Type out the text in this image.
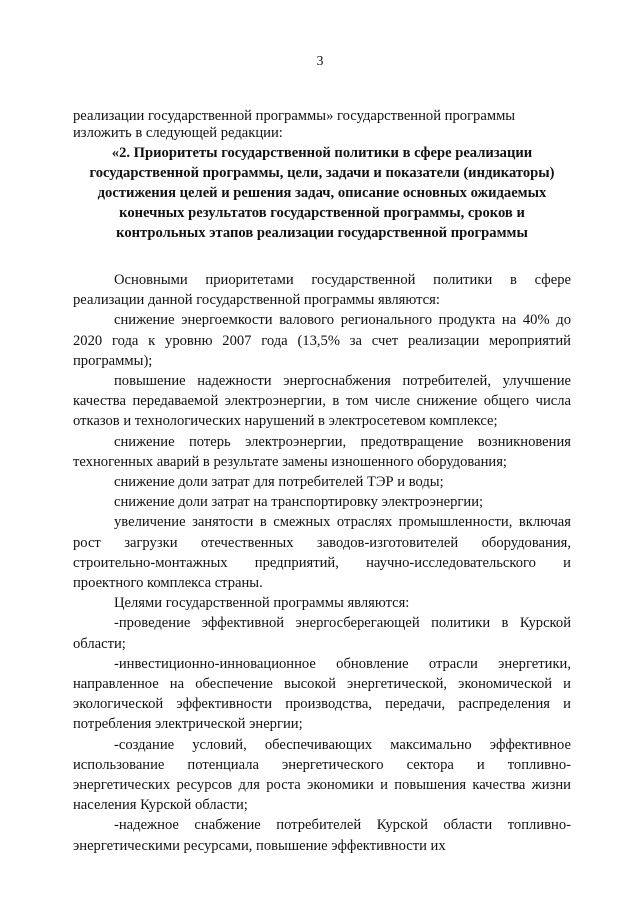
3

реализации государственной программы» государственной программы

изложить в следующей редакции:

«2. Приоритеты государственной политики в сфере реализации
государственной программы, цели, задачи и показатели (индикаторы)
достижения целей и решения задач, описание основных ожидаемых
конечных результатов государственной программы, сроков и
контрольных этапов реализации государственной программы

Основными приоритетами государственной политики в сфере реализации данной государственной программы являются:

снижение энергоемкости валового регионального продукта на 40% до 2020 года к уровню 2007 года (13,5% за счет реализации мероприятий программы);

повышение надежности энергоснабжения потребителей, улучшение качества передаваемой электроэнергии, в том числе снижение общего числа отказов и технологических нарушений в электросетевом комплексе;

снижение потерь электроэнергии, предотвращение возникновения техногенных аварий в результате замены изношенного оборудования;

снижение доли затрат для потребителей ТЭР и воды;

снижение доли затрат на транспортировку электроэнергии;

увеличение занятости в смежных отраслях промышленности, включая рост загрузки отечественных заводов-изготовителей оборудования, строительно-монтажных предприятий, научно-исследовательского и проектного комплекса страны.

Целями государственной программы являются:

-проведение эффективной энергосберегающей политики в Курской области;

-инвестиционно-инновационное обновление отрасли энергетики, направленное на обеспечение высокой энергетической, экономической и экологической эффективности производства, передачи, распределения и потребления электрической энергии;

-создание условий, обеспечивающих максимально эффективное использование потенциала энергетического сектора и топливно-энергетических ресурсов для роста экономики и повышения качества жизни населения Курской области;

-надежное снабжение потребителей Курской области топливно-энергетическими ресурсами, повышение эффективности их
